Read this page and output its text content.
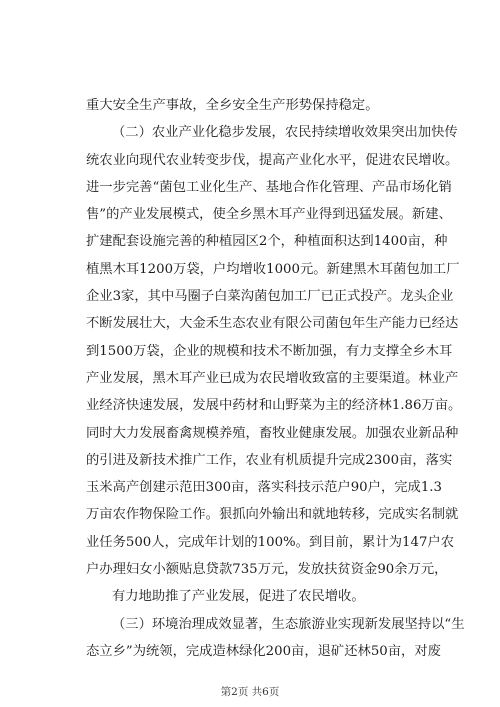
重大安全生产事故，全乡安全生产形势保持稳定。
（二）农业产业化稳步发展，农民持续增收效果突出加快传
统农业向现代农业转变步伐，提高产业化水平，促进农民增收。
进一步完善“菌包工业化生产、基地合作化管理、产品市场化销
售”的产业发展模式，使全乡黑木耳产业得到迅猛发展。新建、
扩建配套设施完善的种植园区2个，种植面积达到1400亩，种
植黑木耳1200万袋，户均增收1000元。新建黑木耳菌包加工厂
企业3家，其中马圈子白菜沟菌包加工厂已正式投产。龙头企业
不断发展壮大，大金禾生态农业有限公司菌包年生产能力已经达
到1500万袋，企业的规模和技术不断加强，有力支撑全乡木耳
产业发展，黑木耳产业已成为农民增收致富的主要渠道。林业产
业经济快速发展，发展中药材和山野菜为主的经济林1.86万亩。
同时大力发展畜禽规模养殖，畜牧业健康发展。加强农业新品种
的引进及新技术推广工作，农业有机质提升完成2300亩，落实
玉米高产创建示范田300亩，落实科技示范户90户，完成1.3
万亩农作物保险工作。狠抓向外输出和就地转移，完成实名制就
业任务500人，完成年计划的100%。到目前，累计为147户农
户办理妇女小额贴息贷款735万元，发放扶贫资金90余万元，
有力地助推了产业发展，促进了农民增收。
（三）环境治理成效显著，生态旅游业实现新发展坚持以“生
态立乡”为统领，完成造林绿化200亩，退矿还林50亩，对废
第2页 共6页
